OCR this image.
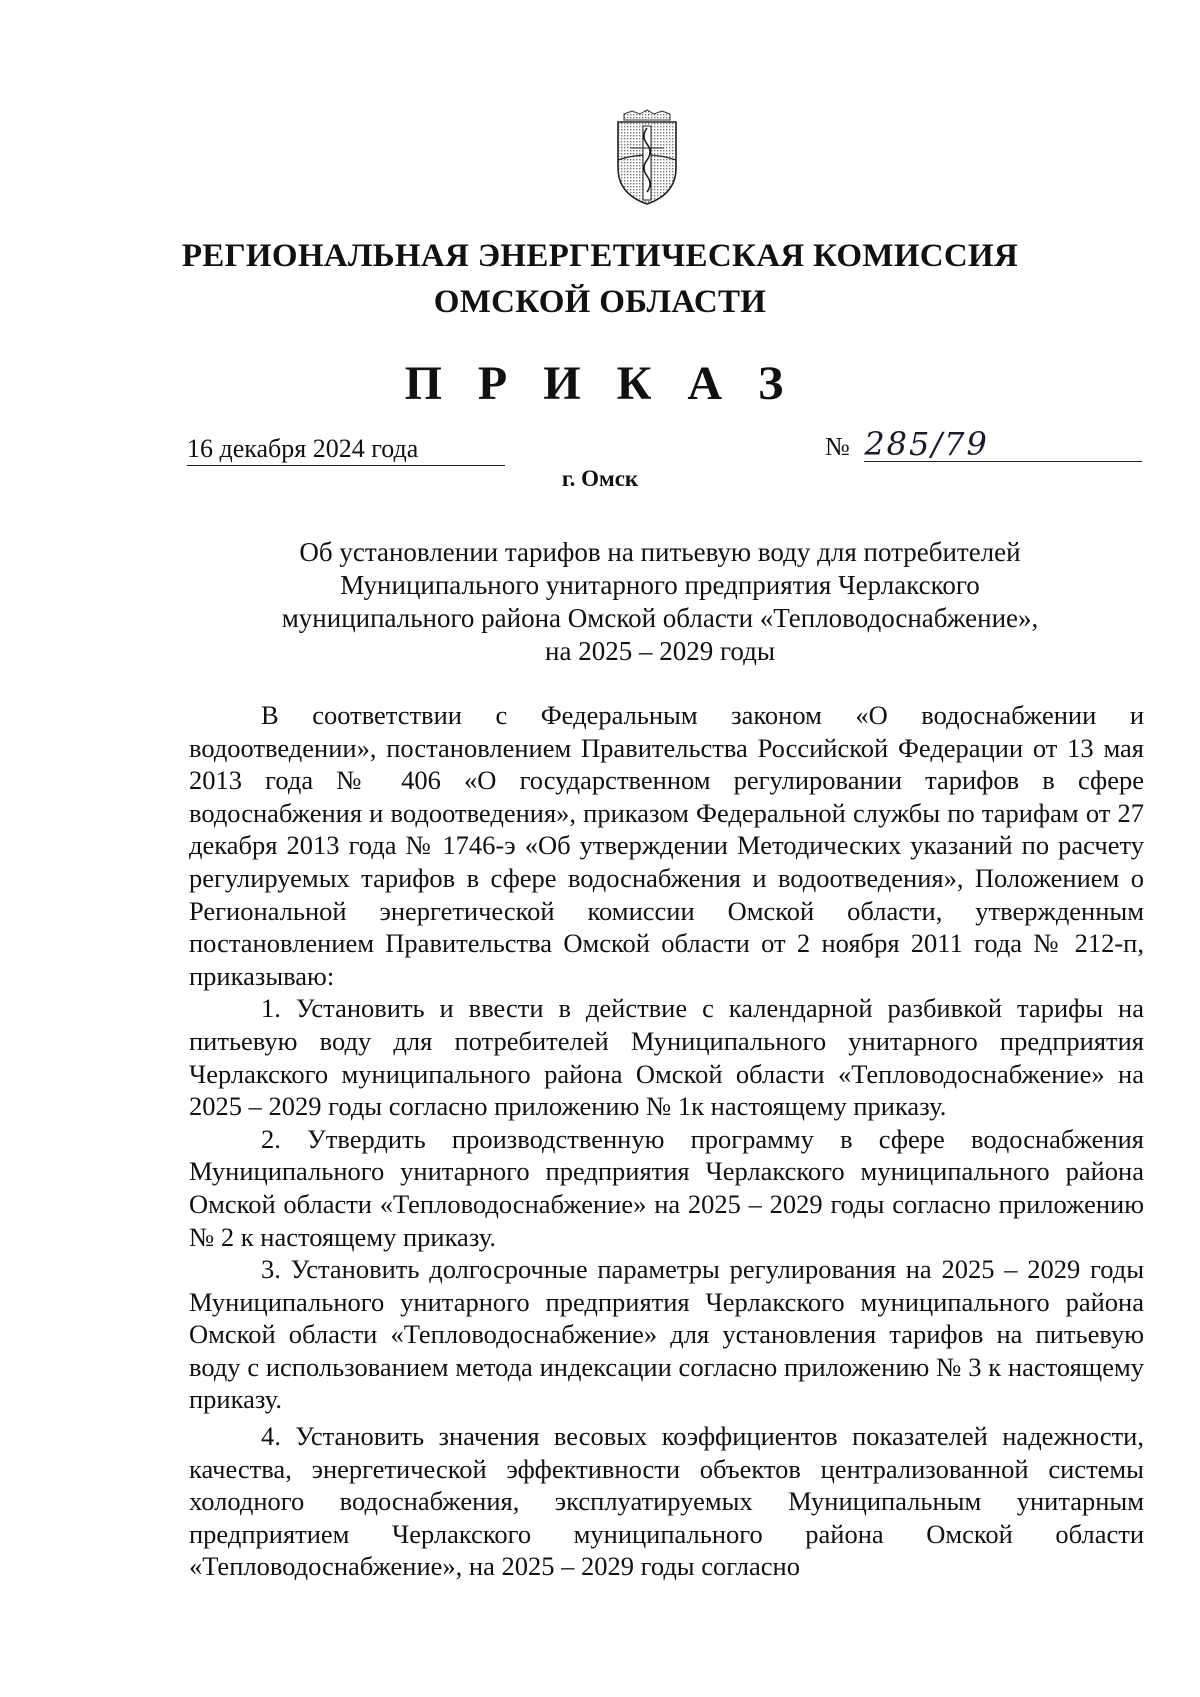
РЕГИОНАЛЬНАЯ ЭНЕРГЕТИЧЕСКАЯ КОМИССИЯ
ОМСКОЙ ОБЛАСТИ
П Р И К А З
16 декабря 2024 года	№ 285/79
г. Омск
Об установлении тарифов на питьевую воду для потребителей
Муниципального унитарного предприятия Черлакского
муниципального района Омской области «Тепловодоснабжение»,
на 2025 – 2029 годы

В соответствии с Федеральным законом «О водоснабжении и водоотведении», постановлением Правительства Российской Федерации от 13 мая 2013 года № 406 «О государственном регулировании тарифов в сфере водоснабжения и водоотведения», приказом Федеральной службы по тарифам от 27 декабря 2013 года № 1746-э «Об утверждении Методических указаний по расчету регулируемых тарифов в сфере водоснабжения и водоотведения», Положением о Региональной энергетической комиссии Омской области, утвержденным постановлением Правительства Омской области от 2 ноября 2011 года № 212-п, приказываю:

1. Установить и ввести в действие с календарной разбивкой тарифы на питьевую воду для потребителей Муниципального унитарного предприятия Черлакского муниципального района Омской области «Тепловодоснабжение» на 2025 – 2029 годы согласно приложению № 1к настоящему приказу.

2. Утвердить производственную программу в сфере водоснабжения Муниципального унитарного предприятия Черлакского муниципального района Омской области «Тепловодоснабжение» на 2025 – 2029 годы согласно приложению № 2 к настоящему приказу.

3. Установить долгосрочные параметры регулирования на 2025 – 2029 годы Муниципального унитарного предприятия Черлакского муниципального района Омской области «Тепловодоснабжение» для установления тарифов на питьевую воду с использованием метода индексации согласно приложению № 3 к настоящему приказу.

4. Установить значения весовых коэффициентов показателей надежности, качества, энергетической эффективности объектов централизованной системы холодного водоснабжения, эксплуатируемых Муниципальным унитарным предприятием Черлакского муниципального района Омской области «Тепловодоснабжение», на 2025 – 2029 годы согласно
